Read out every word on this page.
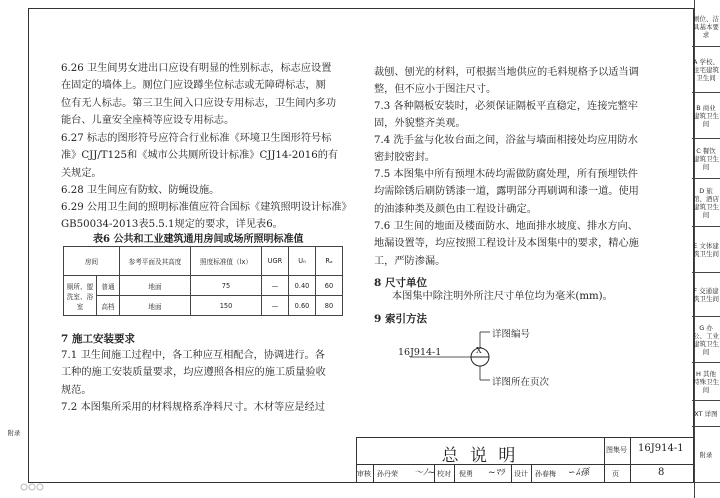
附录
厕位、洁具基本要求
A 学校、住宅建筑卫生间
B 商业建筑卫生间
C 餐饮建筑卫生间
D 旅馆、酒店建筑卫生间
E 文体建筑卫生间
F 交通建筑卫生间
G 办公、工业建筑卫生间
H 其他特殊卫生间
XT 详图
附录
6.26 卫生间男女进出口应设有明显的性别标志，标志应设置
在固定的墙体上。厕位门应设蹲坐位标志或无障碍标志，厕
位有无人标志。第三卫生间入口应设专用标志，卫生间内多功
能台、儿童安全座椅等应设专用标志。
6.27 标志的图形符号应符合行业标准《环境卫生图形符号标
准》CJJ/T125和《城市公共厕所设计标准》CJJ14-2016的有
关规定。
6.28 卫生间应有防蚊、防蝇设施。
6.29 公用卫生间的照明标准值应符合国标《建筑照明设计标准》
GB50034-2013表5.5.1规定的要求，详见表6。
表6 公共和工业建筑通用房间或场所照明标准值
房间		参考平面及其高度	照度标准值（lx）	UGR	U₀	Rₐ
厕所、盥洗室、浴室	普通	地面	75	—	0.40	60
	高档	地面	150	—	0.60	80
7 施工安装要求
7.1 卫生间施工过程中，各工种应互相配合，协调进行。各
工种的施工安装质量要求，均应遵照各相应的施工质量验收
规范。
7.2 本图集所采用的材料规格系净料尺寸。木材等应是经过
裁刨、刨光的材料，可根据当地供应的毛料规格予以适当调
整，但不应小于图注尺寸。
7.3 各种隔板安装时，必须保证隔板平直稳定，连接完整牢
固，外貌整齐美观。
7.4 洗手盆与化妆台面之间，浴盆与墙面相接处均应用防水
密封胶密封。
7.5 本图集中所有预埋木砖均需做防腐处理，所有预埋铁件
均需除锈后刷防锈漆一道，露明部分再刷调和漆一道。使用
的油漆种类及颜色由工程设计确定。
7.6 卫生间的地面及楼面防水、地面排水坡度、排水方向、
地漏设置等，均应按照工程设计及本图集中的要求，精心施
工，严防渗漏。
8 尺寸单位
本图集中除注明外所注尺寸单位均为毫米(mm)。
9 索引方法
16J914-1
详图编号
详图所在页次
X
总 说 明	图集号 16J914-1
审核 孙丹荣 〜ﾉ~ 校对 倪勇 ~ﾏﾗ 设计 孙春梅 ∽ﾑ孫	页	8
